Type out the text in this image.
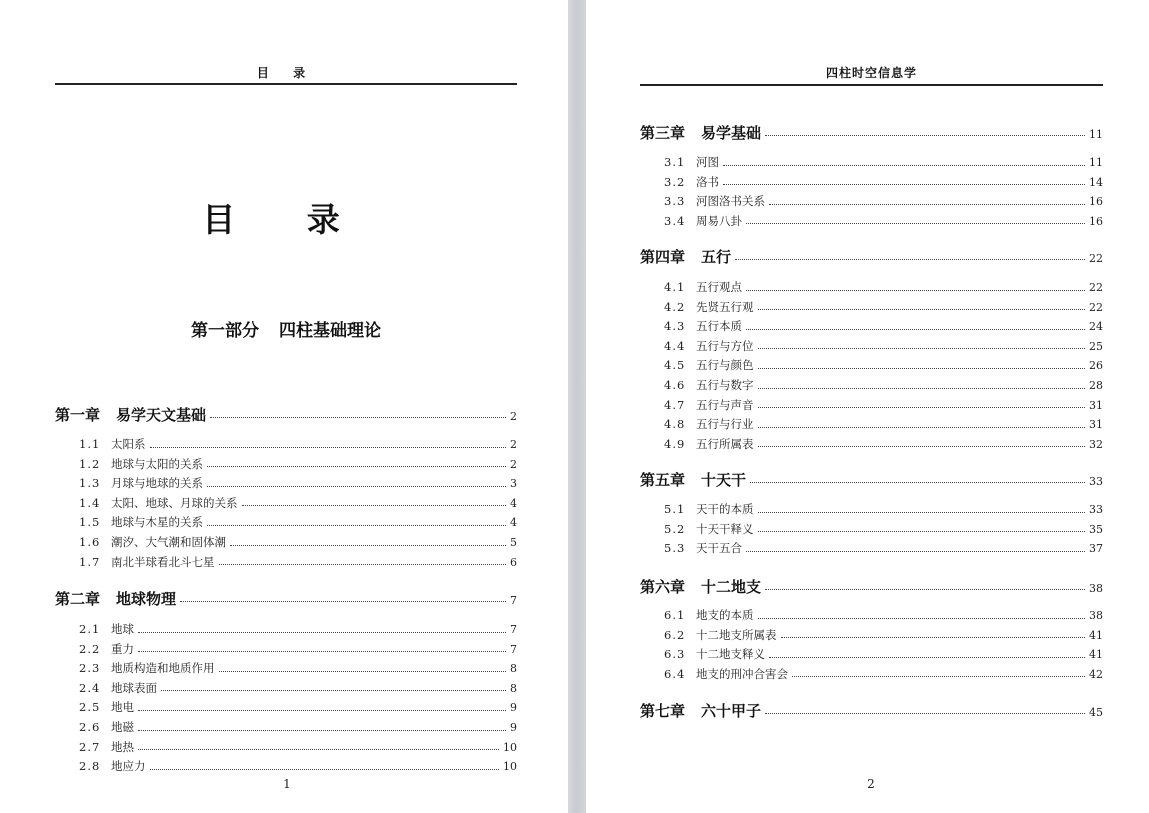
目 录
目 录
第一部分 四柱基础理论
第一章 易学天文基础	2
1.1 太阳系	2
1.2 地球与太阳的关系	2
1.3 月球与地球的关系	3
1.4 太阳、地球、月球的关系	4
1.5 地球与木星的关系	4
1.6 潮汐、大气潮和固体潮	5
1.7 南北半球看北斗七星	6
第二章 地球物理	7
2.1 地球	7
2.2 重力	7
2.3 地质构造和地质作用	8
2.4 地球表面	8
2.5 地电	9
2.6 地磁	9
2.7 地热	10
2.8 地应力	10
1
四柱时空信息学
第三章 易学基础	11
3.1 河图	11
3.2 洛书	14
3.3 河图洛书关系	16
3.4 周易八卦	16
第四章 五行	22
4.1 五行观点	22
4.2 先贤五行观	22
4.3 五行本质	24
4.4 五行与方位	25
4.5 五行与颜色	26
4.6 五行与数字	28
4.7 五行与声音	31
4.8 五行与行业	31
4.9 五行所属表	32
第五章 十天干	33
5.1 天干的本质	33
5.2 十天干释义	35
5.3 天干五合	37
第六章 十二地支	38
6.1 地支的本质	38
6.2 十二地支所属表	41
6.3 十二地支释义	41
6.4 地支的刑冲合害会	42
第七章 六十甲子	45
2
